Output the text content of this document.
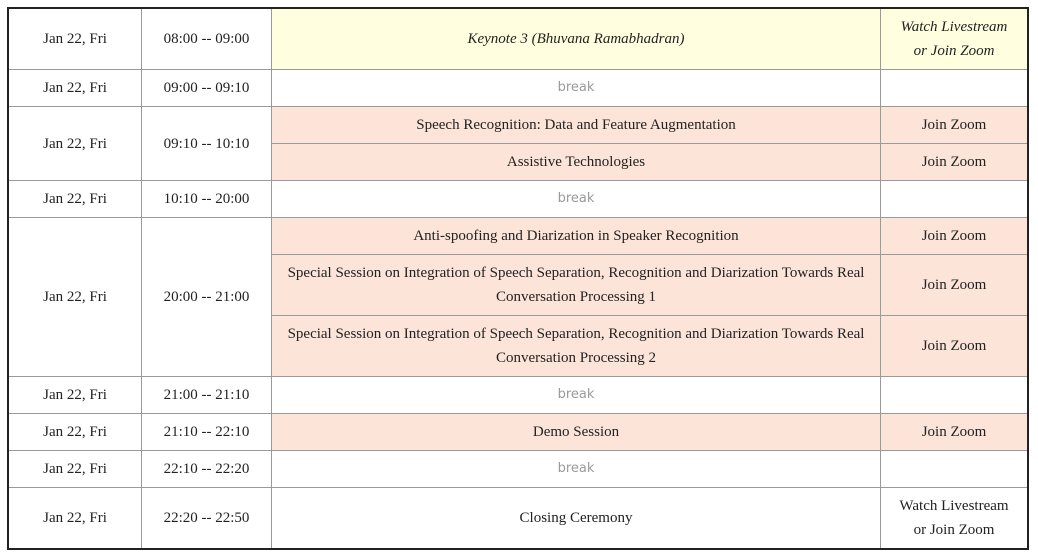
Jan 22, Fri	08:00 -- 09:00	Keynote 3 (Bhuvana Ramabhadran)	Watch Livestream
or Join Zoom
Jan 22, Fri	09:00 -- 09:10	break	
Jan 22, Fri	09:10 -- 10:10	Speech Recognition: Data and Feature Augmentation	Join Zoom
		Assistive Technologies	Join Zoom
Jan 22, Fri	10:10 -- 20:00	break	
Jan 22, Fri	20:00 -- 21:00	Anti-spoofing and Diarization in Speaker Recognition	Join Zoom
		Special Session on Integration of Speech Separation, Recognition and Diarization Towards Real Conversation Processing 1	Join Zoom
		Special Session on Integration of Speech Separation, Recognition and Diarization Towards Real Conversation Processing 2	Join Zoom
Jan 22, Fri	21:00 -- 21:10	break	
Jan 22, Fri	21:10 -- 22:10	Demo Session	Join Zoom
Jan 22, Fri	22:10 -- 22:20	break	
Jan 22, Fri	22:20 -- 22:50	Closing Ceremony	Watch Livestream
or Join Zoom
